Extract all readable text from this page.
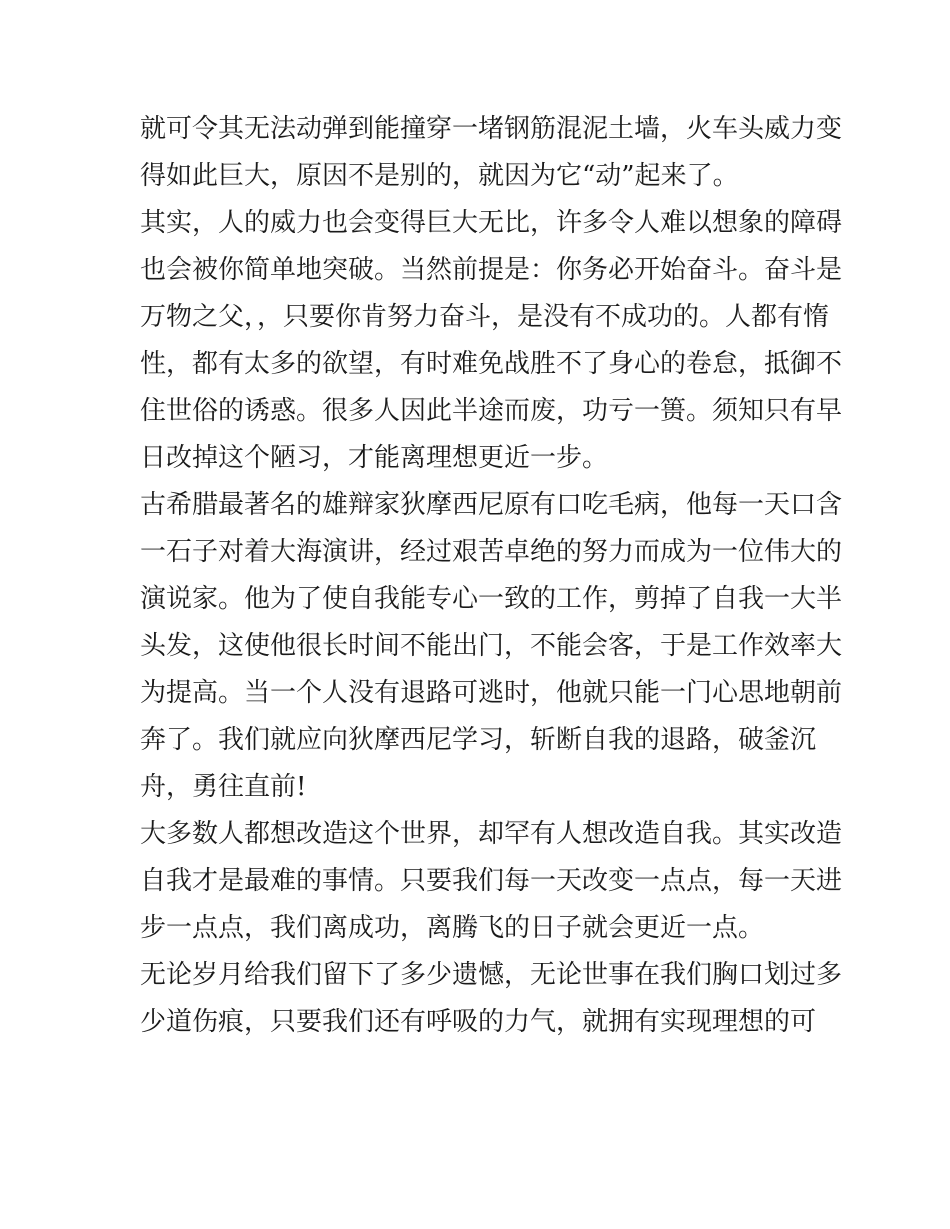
就可令其无法动弹到能撞穿一堵钢筋混泥土墙，火车头威力变
得如此巨大，原因不是别的，就因为它“动”起来了。
其实，人的威力也会变得巨大无比，许多令人难以想象的障碍
也会被你简单地突破。当然前提是：你务必开始奋斗。奋斗是
万物之父，，只要你肯努力奋斗，是没有不成功的。人都有惰
性，都有太多的欲望，有时难免战胜不了身心的卷怠，抵御不
住世俗的诱惑。很多人因此半途而废，功亏一篑。须知只有早
日改掉这个陋习，才能离理想更近一步。
古希腊最著名的雄辩家狄摩西尼原有口吃毛病，他每一天口含
一石子对着大海演讲，经过艰苦卓绝的努力而成为一位伟大的
演说家。他为了使自我能专心一致的工作，剪掉了自我一大半
头发，这使他很长时间不能出门，不能会客，于是工作效率大
为提高。当一个人没有退路可逃时，他就只能一门心思地朝前
奔了。我们就应向狄摩西尼学习，斩断自我的退路，破釜沉
舟，勇往直前!
大多数人都想改造这个世界，却罕有人想改造自我。其实改造
自我才是最难的事情。只要我们每一天改变一点点，每一天进
步一点点，我们离成功，离腾飞的日子就会更近一点。
无论岁月给我们留下了多少遗憾，无论世事在我们胸口划过多
少道伤痕，只要我们还有呼吸的力气，就拥有实现理想的可
